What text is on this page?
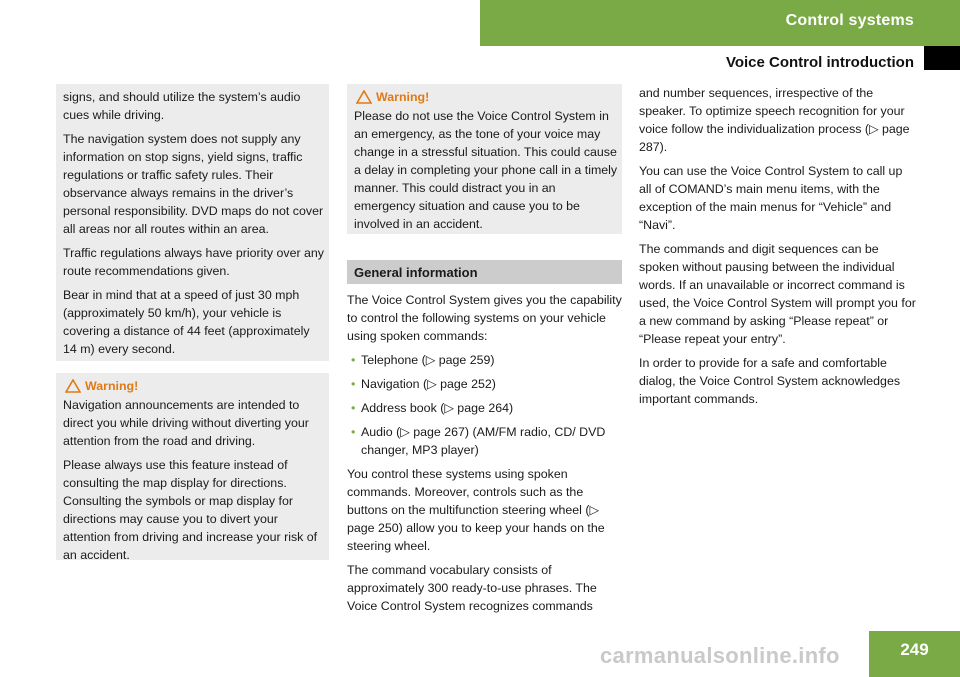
Control systems
Voice Control introduction

signs, and should utilize the system’s audio cues while driving.

The navigation system does not supply any information on stop signs, yield signs, traffic regulations or traffic safety rules. Their observance always remains in the driver’s personal responsibility. DVD maps do not cover all areas nor all routes within an area.

Traffic regulations always have priority over any route recommendations given.

Bear in mind that at a speed of just 30 mph (approximately 50 km/h), your vehicle is covering a distance of 44 feet (approximately 14 m) every second.

Warning!

Navigation announcements are intended to direct you while driving without diverting your attention from the road and driving.

Please always use this feature instead of consulting the map display for directions. Consulting the symbols or map display for directions may cause you to divert your attention from driving and increase your risk of an accident.

Warning!

Please do not use the Voice Control System in an emergency, as the tone of your voice may change in a stressful situation. This could cause a delay in completing your phone call in a timely manner. This could distract you in an emergency situation and cause you to be involved in an accident.

General information

The Voice Control System gives you the capability to control the following systems on your vehicle using spoken commands:

• Telephone (▷ page 259)
• Navigation (▷ page 252)
• Address book (▷ page 264)
• Audio (▷ page 267) (AM/FM radio, CD/ DVD changer, MP3 player)

You control these systems using spoken commands. Moreover, controls such as the buttons on the multifunction steering wheel (▷ page 250) allow you to keep your hands on the steering wheel.

The command vocabulary consists of approximately 300 ready-to-use phrases. The Voice Control System recognizes commands

and number sequences, irrespective of the speaker. To optimize speech recognition for your voice follow the individualization process (▷ page 287).

You can use the Voice Control System to call up all of COMAND’s main menu items, with the exception of the main menus for “Vehicle” and “Navi”.

The commands and digit sequences can be spoken without pausing between the individual words. If an unavailable or incorrect command is used, the Voice Control System will prompt you for a new command by asking “Please repeat” or “Please repeat your entry”.

In order to provide for a safe and comfortable dialog, the Voice Control System acknowledges important commands.

carmanualsonline.info	249
